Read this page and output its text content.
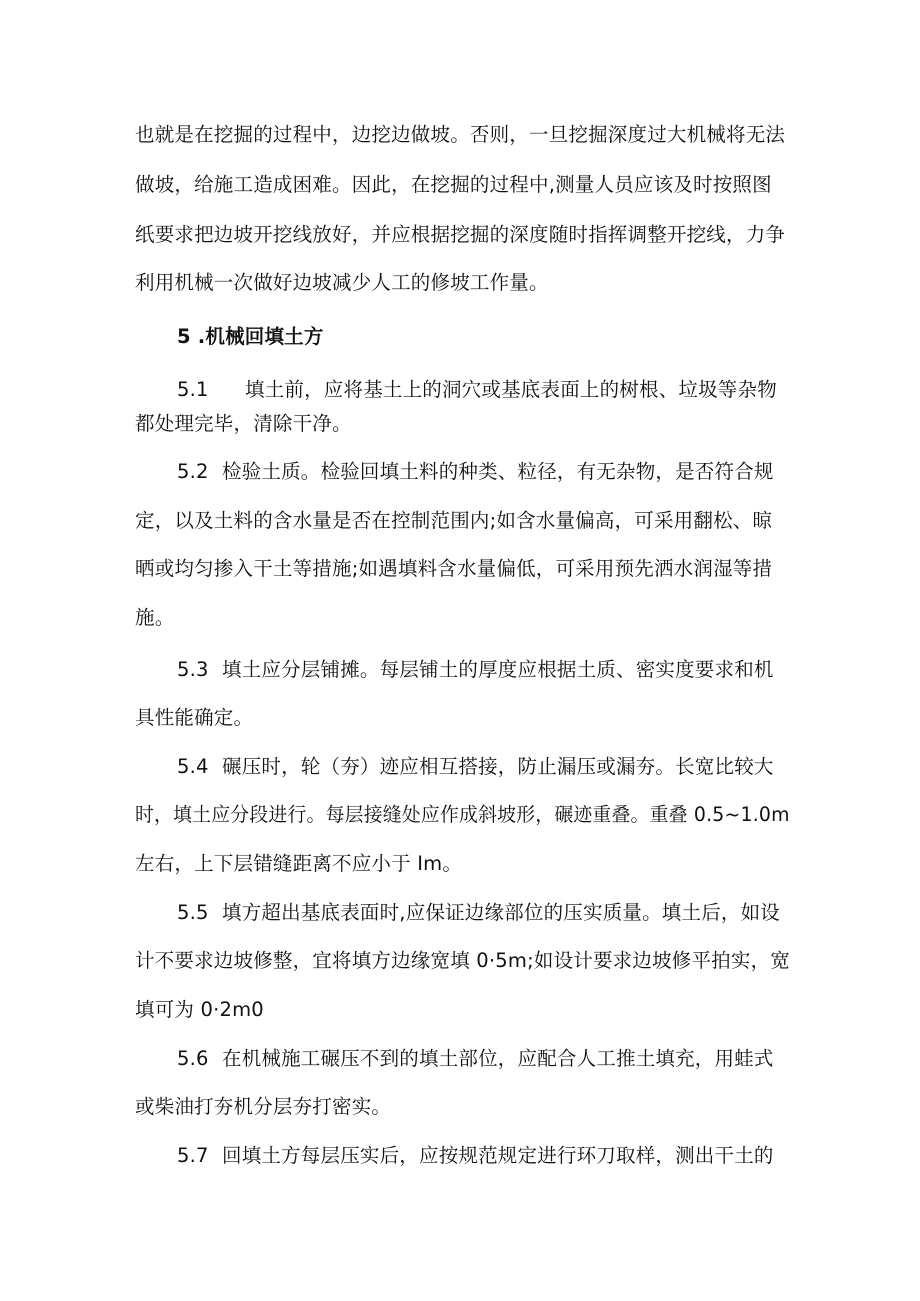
也就是在挖掘的过程中，边挖边做坡。否则，一旦挖掘深度过大机械将无法
做坡，给施工造成困难。因此，在挖掘的过程中,测量人员应该及时按照图
纸要求把边坡开挖线放好，并应根据挖掘的深度随时指挥调整开挖线，力争
利用机械一次做好边坡减少人工的修坡工作量。
5 .机械回填土方
5.1 填土前，应将基土上的洞穴或基底表面上的树根、垃圾等杂物
都处理完毕，清除干净。
5.2 检验土质。检验回填土料的种类、粒径，有无杂物，是否符合规
定，以及土料的含水量是否在控制范围内;如含水量偏高，可采用翻松、晾
晒或均匀掺入干土等措施;如遇填料含水量偏低，可采用预先洒水润湿等措
施。
5.3 填土应分层铺摊。每层铺土的厚度应根据土质、密实度要求和机
具性能确定。
5.4 碾压时，轮（夯）迹应相互搭接，防止漏压或漏夯。长宽比较大
时，填土应分段进行。每层接缝处应作成斜坡形，碾迹重叠。重叠 0.5~1.0m
左右，上下层错缝距离不应小于 Im。
5.5 填方超出基底表面时,应保证边缘部位的压实质量。填土后，如设
计不要求边坡修整，宜将填方边缘宽填 0·5m;如设计要求边坡修平拍实，宽
填可为 0·2m0
5.6 在机械施工碾压不到的填土部位，应配合人工推土填充，用蛙式
或柴油打夯机分层夯打密实。
5.7 回填土方每层压实后，应按规范规定进行环刀取样，测出干土的
